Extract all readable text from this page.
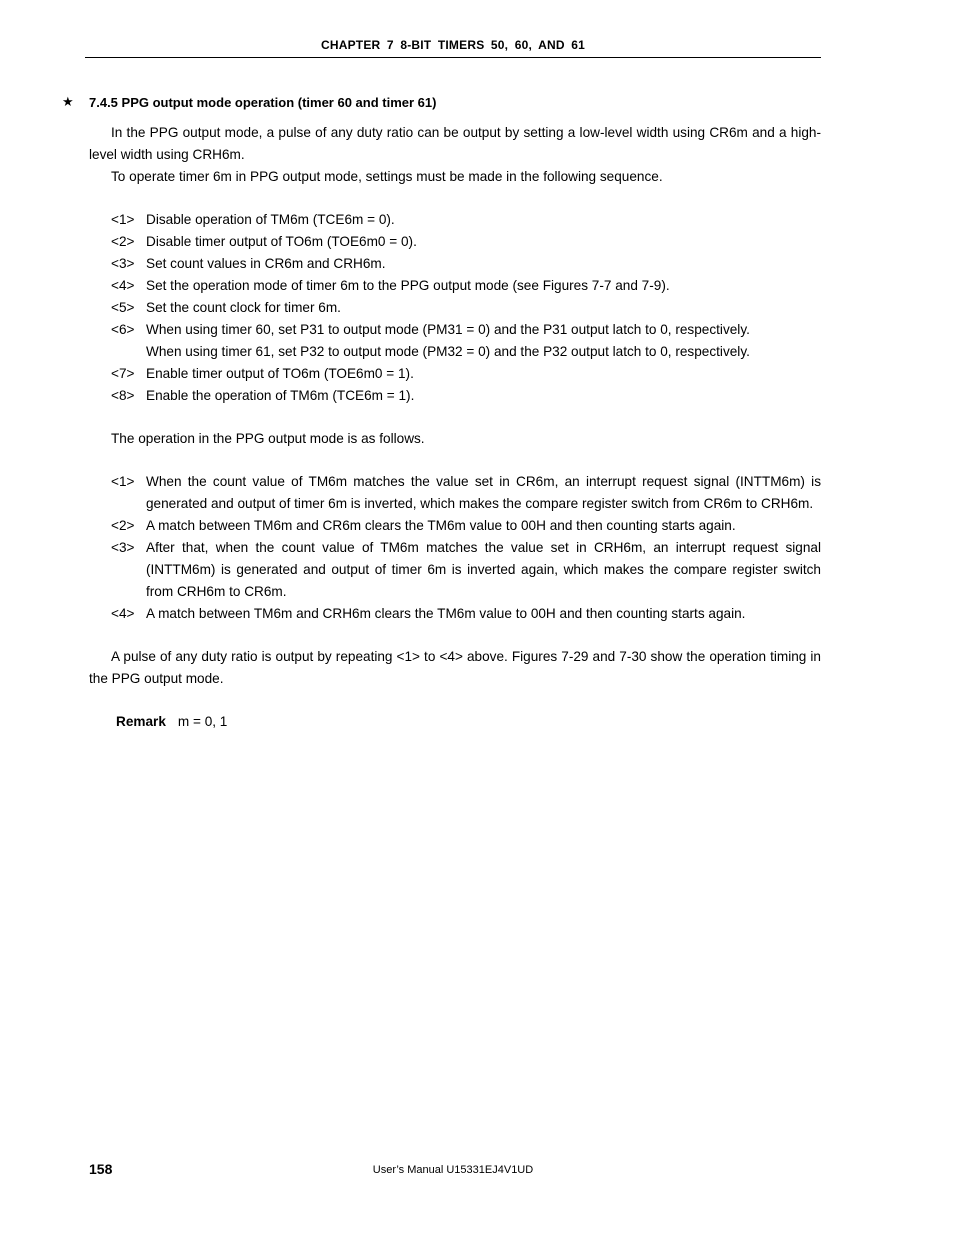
CHAPTER 7 8-BIT TIMERS 50, 60, AND 61
★ 7.4.5 PPG output mode operation (timer 60 and timer 61)

In the PPG output mode, a pulse of any duty ratio can be output by setting a low-level width using CR6m and a high-level width using CRH6m.

To operate timer 6m in PPG output mode, settings must be made in the following sequence.

<1> Disable operation of TM6m (TCE6m = 0).
<2> Disable timer output of TO6m (TOE6m0 = 0).
<3> Set count values in CR6m and CRH6m.
<4> Set the operation mode of timer 6m to the PPG output mode (see Figures 7-7 and 7-9).
<5> Set the count clock for timer 6m.
<6> When using timer 60, set P31 to output mode (PM31 = 0) and the P31 output latch to 0, respectively.
When using timer 61, set P32 to output mode (PM32 = 0) and the P32 output latch to 0, respectively.
<7> Enable timer output of TO6m (TOE6m0 = 1).
<8> Enable the operation of TM6m (TCE6m = 1).

The operation in the PPG output mode is as follows.

<1> When the count value of TM6m matches the value set in CR6m, an interrupt request signal (INTTM6m) is generated and output of timer 6m is inverted, which makes the compare register switch from CR6m to CRH6m.
<2> A match between TM6m and CR6m clears the TM6m value to 00H and then counting starts again.
<3> After that, when the count value of TM6m matches the value set in CRH6m, an interrupt request signal (INTTM6m) is generated and output of timer 6m is inverted again, which makes the compare register switch from CRH6m to CR6m.
<4> A match between TM6m and CRH6m clears the TM6m value to 00H and then counting starts again.

A pulse of any duty ratio is output by repeating <1> to <4> above. Figures 7-29 and 7-30 show the operation timing in the PPG output mode.

Remark m = 0, 1
158	User’s Manual U15331EJ4V1UD
